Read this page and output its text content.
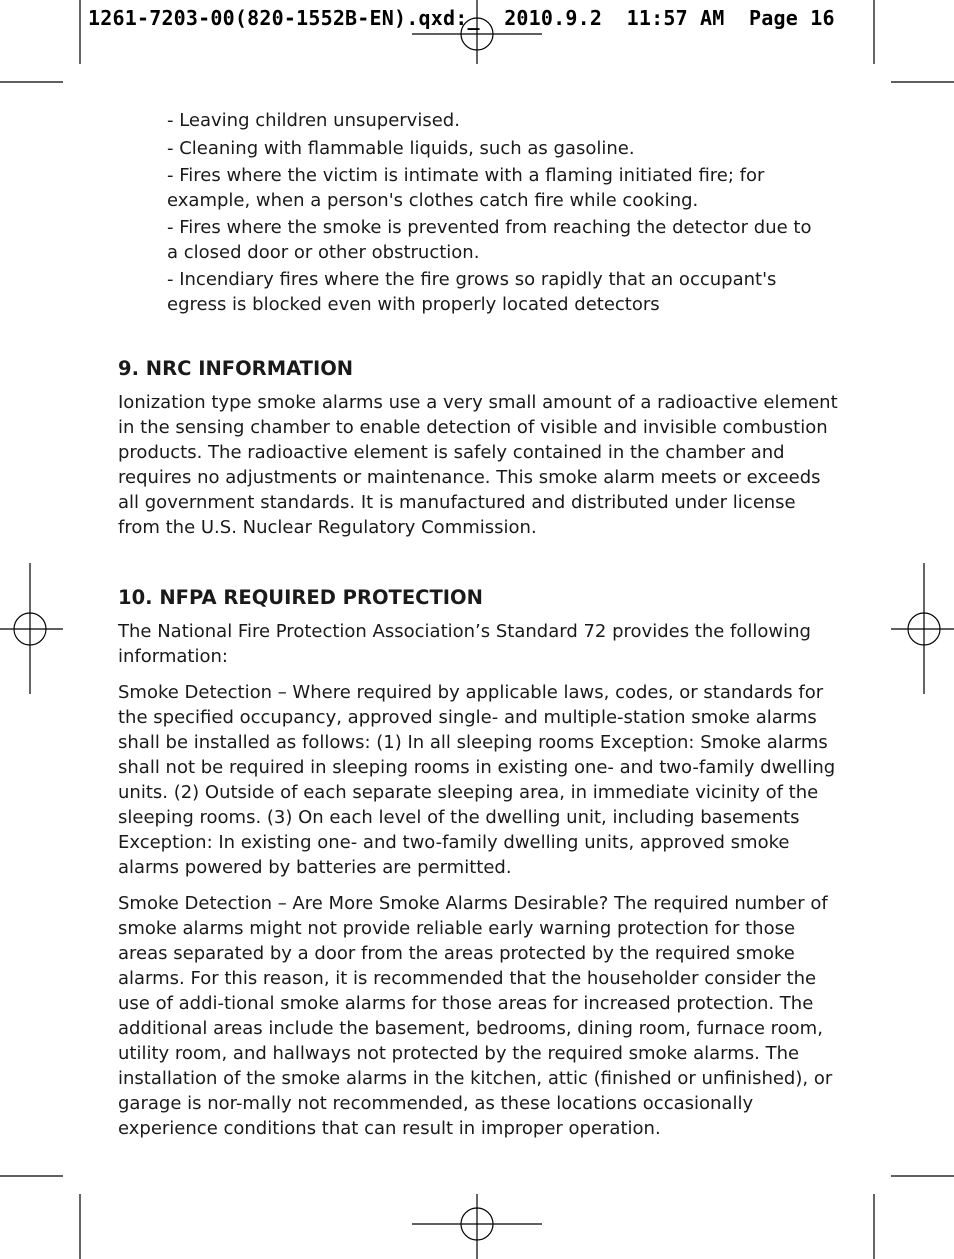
1261-7203-00(820-1552B-EN).qxd:_  2010.9.2  11:57 AM  Page 16

- Leaving children unsupervised.

- Cleaning with flammable liquids, such as gasoline.

- Fires where the victim is intimate with a flaming initiated fire; for example, when a person's clothes catch fire while cooking.

- Fires where the smoke is prevented from reaching the detector due to a closed door or other obstruction.

- Incendiary fires where the fire grows so rapidly that an occupant's egress is blocked even with properly located detectors

9. NRC INFORMATION

Ionization type smoke alarms use a very small amount of a radioactive element in the sensing chamber to enable detection of visible and invisible combustion products. The radioactive element is safely contained in the chamber and requires no adjustments or maintenance. This smoke alarm meets or exceeds all government standards. It is manufactured and distributed under license from the U.S. Nuclear Regulatory Commission.

10. NFPA REQUIRED PROTECTION

The National Fire Protection Association’s Standard 72 provides the following information:

Smoke Detection – Where required by applicable laws, codes, or standards for the specified occupancy, approved single- and multiple-station smoke alarms shall be installed as follows: (1) In all sleeping rooms Exception: Smoke alarms shall not be required in sleeping rooms in existing one- and two-family dwelling units. (2) Outside of each separate sleeping area, in immediate vicinity of the sleeping rooms. (3) On each level of the dwelling unit, including basements Exception: In existing one- and two-family dwelling units, approved smoke alarms powered by batteries are permitted.

Smoke Detection – Are More Smoke Alarms Desirable? The required number of smoke alarms might not provide reliable early warning protection for those areas separated by a door from the areas protected by the required smoke alarms. For this reason, it is recommended that the householder consider the use of addi-tional smoke alarms for those areas for increased protection. The additional areas include the basement, bedrooms, dining room, furnace room, utility room, and hallways not protected by the required smoke alarms. The installation of the smoke alarms in the kitchen, attic (finished or unfinished), or garage is nor-mally not recommended, as these locations occasionally experience conditions that can result in improper operation.
